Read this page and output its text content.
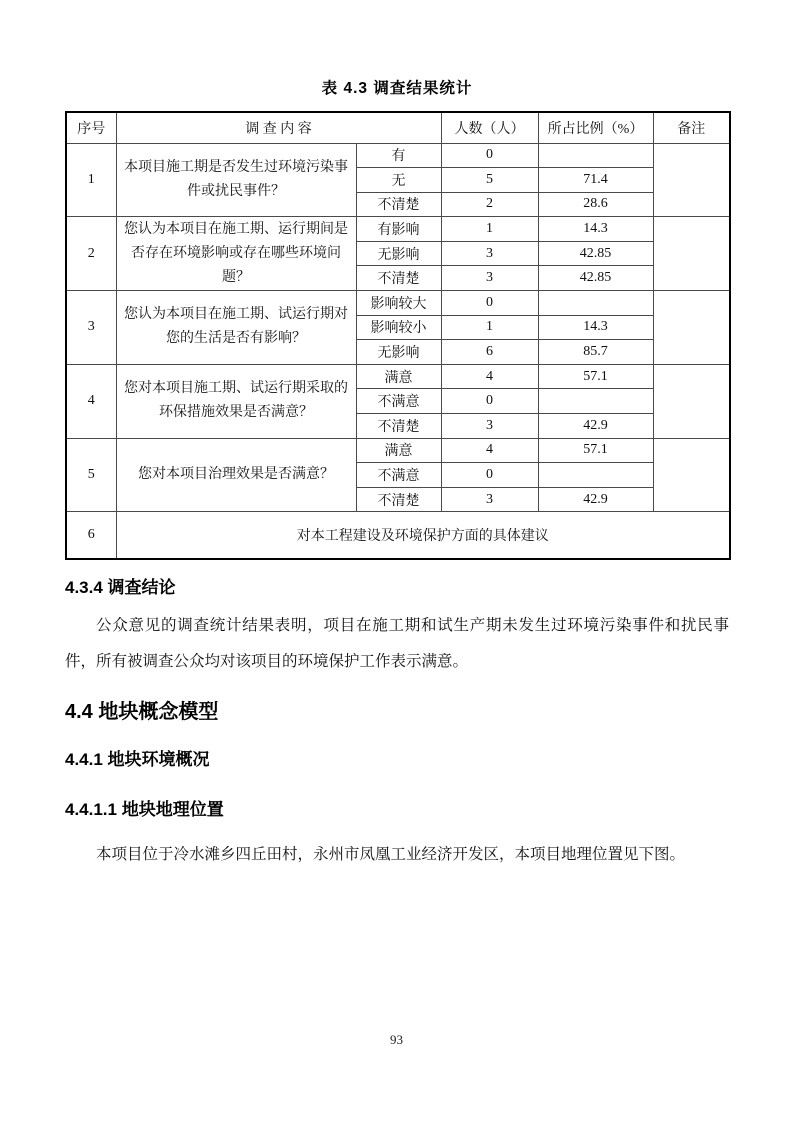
表 4.3 调查结果统计
序号	调 查 内 容		人数（人）	所占比例（%）	备注
1	本项目施工期是否发生过环境污染事件或扰民事件？	有	0		
		无	5	71.4	
		不清楚	2	28.6	
2	您认为本项目在施工期、运行期间是否存在环境影响或存在哪些环境问题？	有影响	1	14.3	
		无影响	3	42.85	
		不清楚	3	42.85	
3	您认为本项目在施工期、试运行期对您的生活是否有影响？	影响较大	0		
		影响较小	1	14.3	
		无影响	6	85.7	
4	您对本项目施工期、试运行期采取的环保措施效果是否满意？	满意	4	57.1	
		不满意	0		
		不清楚	3	42.9	
5	您对本项目治理效果是否满意？	满意	4	57.1	
		不满意	0		
		不清楚	3	42.9	
6	对本工程建设及环境保护方面的具体建议				
4.3.4 调查结论

公众意见的调查统计结果表明，项目在施工期和试生产期未发生过环境污染事件和扰民事件，所有被调查公众均对该项目的环境保护工作表示满意。

4.4 地块概念模型
4.4.1 地块环境概况
4.4.1.1 地块地理位置

本项目位于冷水滩乡四丘田村，永州市凤凰工业经济开发区，本项目地理位置见下图。

93
